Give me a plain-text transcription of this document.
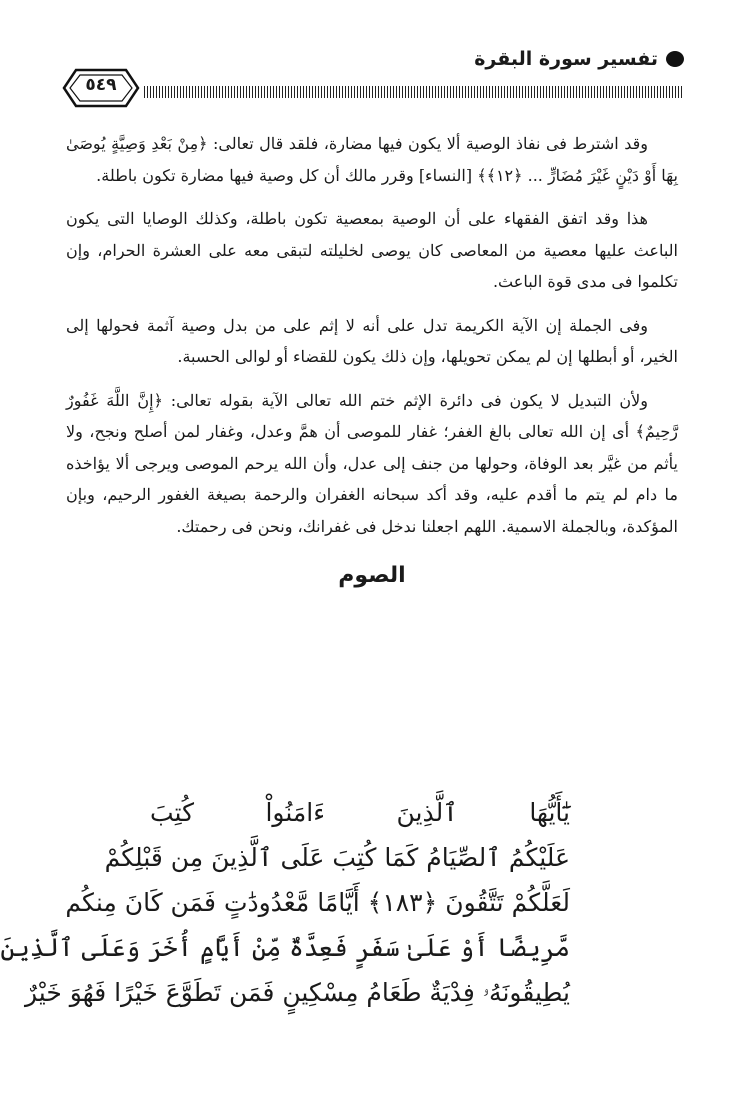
تفسير سورة البقرة
٥٤٩

وقد اشترط فى نفاذ الوصية ألا يكون فيها مضارة، فلقد قال تعالى: ﴿مِنْ بَعْدِ وَصِيَّةٍ يُوصَىٰ بِهَا أَوْ دَيْنٍ غَيْرَ مُضَارٍّ ... ﴿١٢﴾﴾ [النساء] وقرر مالك أن كل وصية فيها مضارة تكون باطلة.

هذا وقد اتفق الفقهاء على أن الوصية بمعصية تكون باطلة، وكذلك الوصايا التى يكون الباعث عليها معصية من المعاصى كان يوصى لخليلته لتبقى معه على العشرة الحرام، وإن تكلموا فى مدى قوة الباعث.

وفى الجملة إن الآية الكريمة تدل على أنه لا إثم على من بدل وصية آثمة فحولها إلى الخير، أو أبطلها إن لم يمكن تحويلها، وإن ذلك يكون للقضاء أو لوالى الحسبة.

ولأن التبديل لا يكون فى دائرة الإثم ختم الله تعالى الآية بقوله تعالى: ﴿إِنَّ اللَّهَ غَفُورٌ رَّحِيمٌ﴾ أى إن الله تعالى بالغ الغفر؛ غفار للموصى أن همَّ وعدل، وغفار لمن أصلح ونجح، ولا يأثم من غيَّر بعد الوفاة، وحولها من جنف إلى عدل، وأن الله يرحم الموصى ويرجى ألا يؤاخذه ما دام لم يتم ما أقدم عليه، وقد أكد سبحانه الغفران والرحمة بصيغة الغفور الرحيم، وبإن المؤكدة، وبالجملة الاسمية. اللهم اجعلنا ندخل فى غفرانك، ونحن فى رحمتك.

الصوم
يَٰٓأَيُّهَا ٱلَّذِينَ ءَامَنُواْ كُتِبَ
عَلَيْكُمُ ٱلصِّيَامُ كَمَا كُتِبَ عَلَى ٱلَّذِينَ مِن قَبْلِكُمْ
لَعَلَّكُمْ تَتَّقُونَ ﴿١٨٣﴾ أَيَّامًا مَّعْدُودَٰتٍ فَمَن كَانَ مِنكُم
مَّرِيضًا أَوْ عَلَىٰ سَفَرٍ فَعِدَّةٌ مِّنْ أَيَّامٍ أُخَرَ وَعَلَى ٱلَّذِينَ
يُطِيقُونَهُۥ فِدْيَةٌ طَعَامُ مِسْكِينٍ فَمَن تَطَوَّعَ خَيْرًا فَهُوَ خَيْرٌ
